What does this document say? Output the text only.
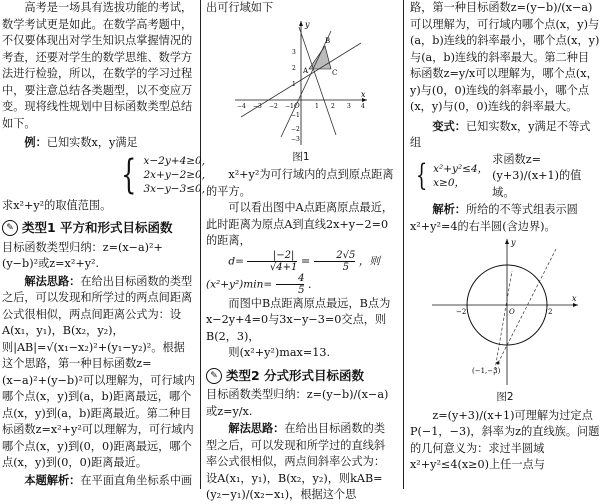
高考是一场具有选拔功能的考试，数学考试更是如此。在数学高考题中，不仅要体现出对学生知识点掌握情况的考查，还要对学生的数学思维、数学方法进行检验，所以，在数学的学习过程中，要注意总结各类题型，以不变应万变。现将线性规划中目标函数类型总结如下。

例：已知实数x，y满足

{ x−2y+4≥0,
2x+y−2≥0,
3x−y−3≤0,

求x²+y²的取值范围。

✎ 类型1 平方和形式目标函数

目标函数类型归纳：z=(x−a)²+(y−b)²或z=x²+y².

解法思路：在给出目标函数的类型之后，可以发现和所学过的两点间距离公式很相似，两点间距离公式为：设A(x₁，y₁)，B(x₂，y₂)，则|AB|=√(x₁−x₂)²+(y₁−y₂)²。根据这个思路，第一种目标函数z=(x−a)²+(y−b)²可以理解为，可行域内哪个点(x，y)到(a，b)距离最远，哪个点(x，y)到(a，b)距离最近。第二种目标函数z=x²+y²可以理解为，可行域内哪个点(x，y)到(0，0)距离最远，哪个点(x，y)到(0，0)距离最近。

本题解析：在平面直角坐标系中画

出可行域如下

y
x
O
B
A	C
−4 −3 −2 −1	1 2 3 4
3
2
1
−1
−2
−3
图1

x²+y²为可行域内的点到原点距离的平方。

可以看出图中A点距离原点最近，此时距离为原点A到直线2x+y−2=0的距离，

$d= \frac{|-2|}{√4+1} = \frac{2√5}{5}$ ，则$(x^2+y^2)\min= \frac{4}{5}$ ．

而图中B点距离原点最远，B点为x−2y+4=0与3x−y−3=0交点，则B(2，3)，

则(x²+y²)max=13.

✎ 类型2 分式形式目标函数

目标函数类型归纳：z=(y−b)/(x−a)或z=y/x.

解法思路：在给出目标函数的类型之后，可以发现和所学过的直线斜率公式很相似，两点间斜率公式为：设A(x₁，y₁)，B(x₂，y₂)，则kAB=(y₂−y₁)/(x₂−x₁)，根据这个思

路，第一种目标函数z=(y−b)/(x−a)可以理解为，可行域内哪个点(x，y)与(a，b)连线的斜率最小，哪个点(x，y)与(a，b)连线的斜率最大。第二种目标函数z=y/x可以理解为，哪个点(x，y)与(0，0)连线的斜率最小，哪个点(x，y)与(0，0)连线的斜率最大。

变式：已知实数x，y满足不等式组

{ x²+y²≤4，
x≥0，
求函数z=(y+3)/(x+1)的值域。

解析：所给的不等式组表示圆x²+y²=4的右半圆(含边界)。

y
x
O
−2	2
(−1,−3)
图2

z=(y+3)/(x+1)可理解为过定点P(−1，−3)，斜率为z的直线族。问题的几何意义为：求过半圆域x²+y²≤4(x≥0)上任一点与
